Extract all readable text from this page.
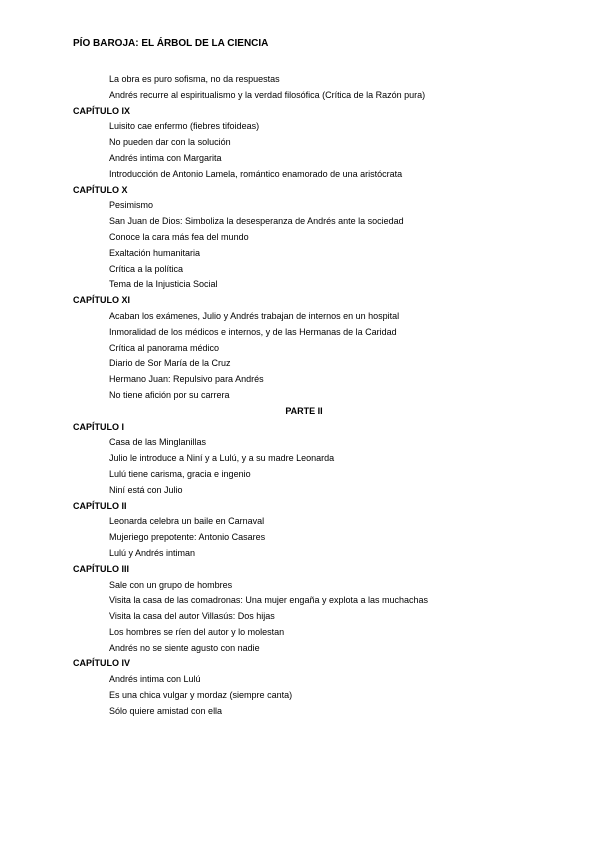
PÍO BAROJA: EL ÁRBOL DE LA CIENCIA
La obra es puro sofisma, no da respuestas
Andrés recurre al espiritualismo y la verdad filosófica (Crítica de la Razón pura)
CAPÍTULO IX
Luisito cae enfermo (fiebres tifoideas)
No pueden dar con la solución
Andrés intima con Margarita
Introducción de Antonio Lamela, romántico enamorado de una aristócrata
CAPÍTULO X
Pesimismo
San Juan de Dios: Simboliza la desesperanza de Andrés ante la sociedad
Conoce la cara más fea del mundo
Exaltación humanitaria
Crítica a la política
Tema de la Injusticia Social
CAPÍTULO XI
Acaban los exámenes, Julio y Andrés trabajan de internos en un hospital
Inmoralidad de los médicos e internos, y de las Hermanas de la Caridad
Crítica al panorama médico
Diario de Sor María de la Cruz
Hermano Juan: Repulsivo para Andrés
No tiene afición por su carrera
PARTE II
CAPÍTULO I
Casa de las Minglanillas
Julio le introduce a Niní y a Lulú, y a su madre Leonarda
Lulú tiene carisma, gracia e ingenio
Niní está con Julio
CAPÍTULO II
Leonarda celebra un baile en Carnaval
Mujeriego prepotente: Antonio Casares
Lulú y Andrés intiman
CAPÍTULO III
Sale con un grupo de hombres
Visita la casa de las comadronas: Una mujer engaña y explota a las muchachas
Visita la casa del autor Villasús: Dos hijas
Los hombres se ríen del autor y lo molestan
Andrés no se siente agusto con nadie
CAPÍTULO IV
Andrés intima con Lulú
Es una chica vulgar y mordaz (siempre canta)
Sólo quiere amistad con ella
